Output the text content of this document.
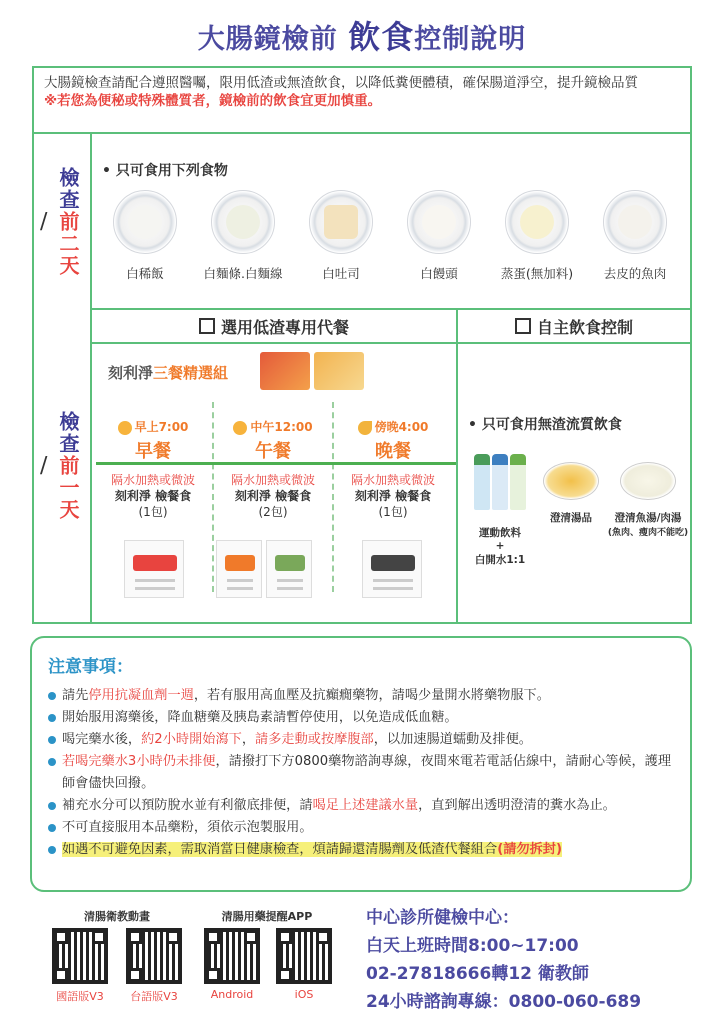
大腸鏡檢前 飲食控制說明
大腸鏡檢查請配合遵照醫囑，限用低渣或無渣飲食，以降低糞便體積，確保腸道淨空，提升鏡檢品質
※若您為便秘或特殊體質者，鏡檢前的飲食宜更加慎重。
/
檢查前二天
• 只可食用下列食物
白稀飯	白麵條.白麵線	白吐司	白饅頭	蒸蛋(無加料)	去皮的魚肉
選用低渣專用代餐	自主飲食控制
/
檢查前一天
刻利淨三餐精選組
早上7:00
早餐
中午12:00
午餐
傍晚4:00
晚餐
隔水加熱或微波
刻利淨 檢餐食
(1包)
隔水加熱或微波
刻利淨 檢餐食
(2包)
隔水加熱或微波
刻利淨 檢餐食
(1包)
• 只可食用無渣流質飲食
運動飲料
+
白開水1:1
澄清湯品	澄清魚湯/肉湯
(魚肉、瘦肉不能吃)
注意事項：
請先停用抗凝血劑一週，若有服用高血壓及抗癲癇藥物，請喝少量開水將藥物服下。
開始服用瀉藥後，降血糖藥及胰島素請暫停使用，以免造成低血糖。
喝完藥水後，約2小時開始瀉下，請多走動或按摩腹部，以加速腸道蠕動及排便。
若喝完藥水3小時仍未排便，請撥打下方0800藥物諮詢專線，夜間來電若電話佔線中，請耐心等候，護理師會儘快回撥。
補充水分可以預防脫水並有利徹底排便，請喝足上述建議水量，直到解出透明澄清的糞水為止。
不可直接服用本品藥粉，須依示泡製服用。
如遇不可避免因素，需取消當日健康檢查，煩請歸還清腸劑及低渣代餐組合(請勿拆封)
清腸衛教動畫	清腸用藥提醒APP
國語版V3	台語版V3	Android	iOS
中心診所健檢中心：
白天上班時間8:00~17:00
02-27818666轉12 衛教師
24小時諮詢專線：0800-060-689
